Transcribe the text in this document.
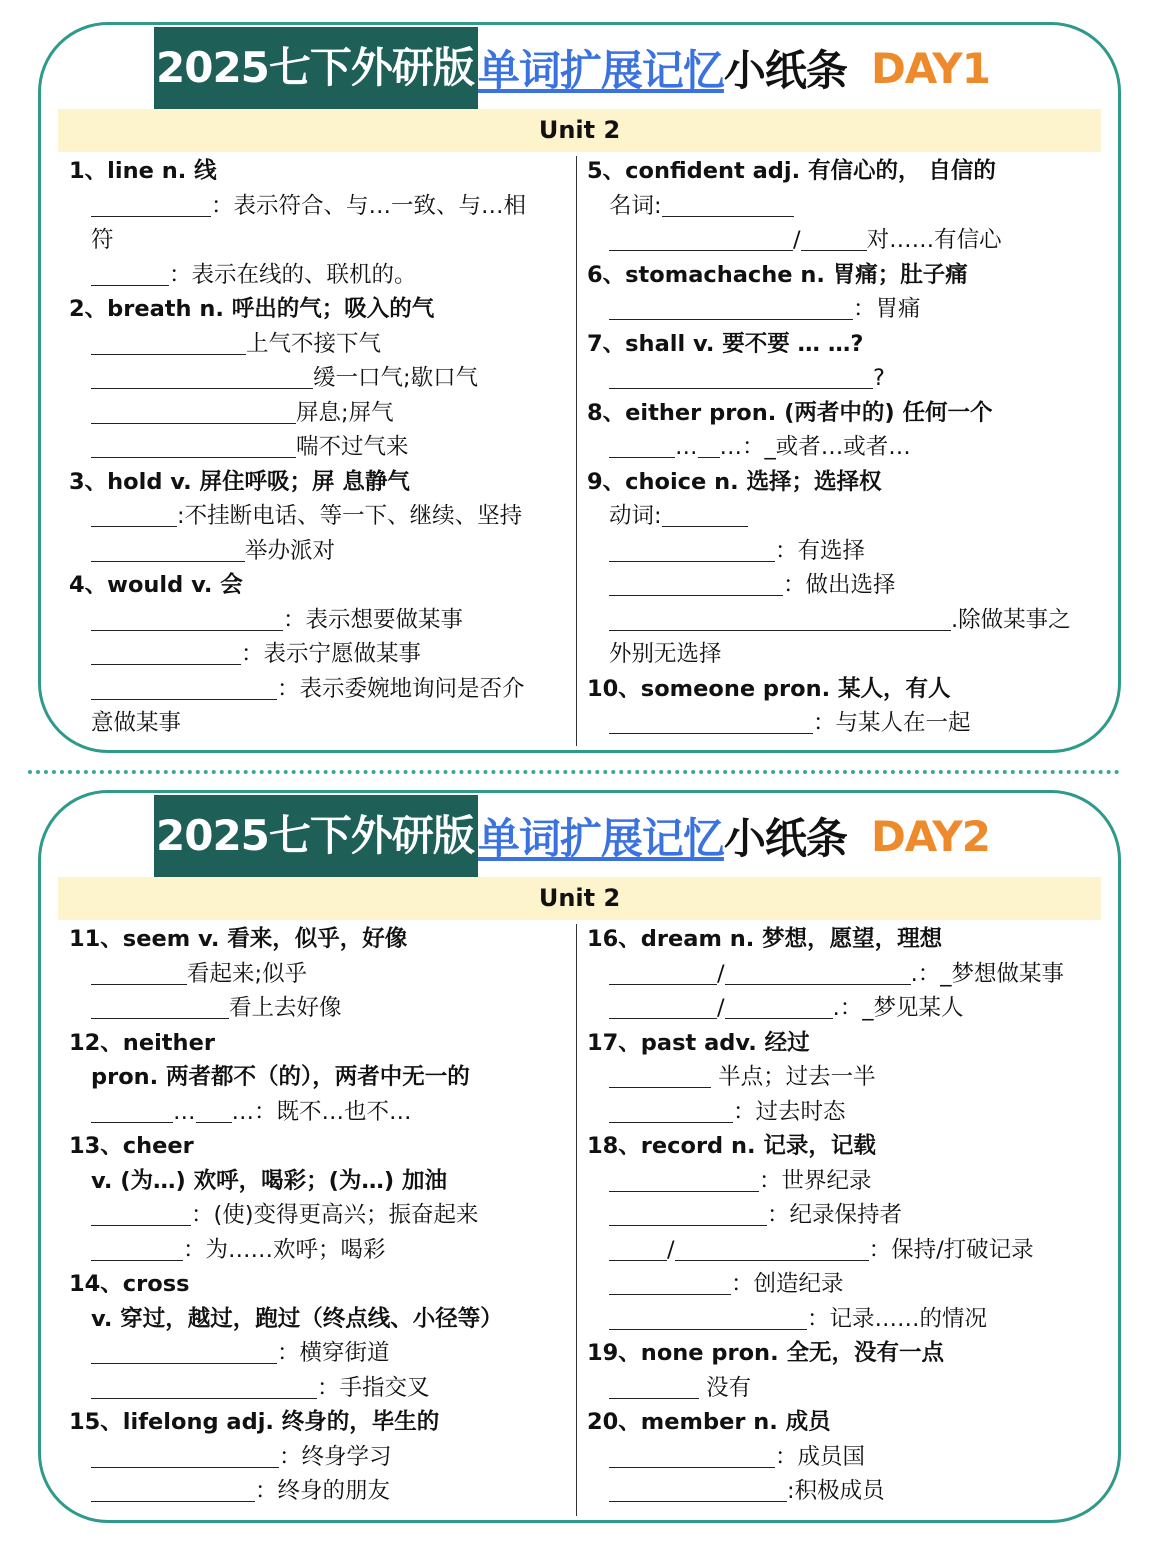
2025七下外研版 单词扩展记忆 小纸条 DAY1
Unit 2
1、line n. 线
：表示符合、与…一致、与…相
符
：表示在线的、联机的。
2、breath n. 呼出的气；吸入的气
上气不接下气
缓一口气;歇口气
屏息;屏气
喘不过气来
3、hold v. 屏住呼吸；屏 息静气
:不挂断电话、等一下、继续、坚持
举办派对
4、would v. 会
：表示想要做某事
：表示宁愿做某事
：表示委婉地询问是否介
意做某事
5、confident adj. 有信心的， 自信的
名词:
/	对……有信心
6、stomachache n. 胃痛；肚子痛
：胃痛
7、shall v. 要不要 … …?
?
8、either pron. (两者中的) 任何一个
… …：_或者…或者…
9、choice n. 选择；选择权
动词:
：有选择
：做出选择
.除做某事之
外别无选择
10、someone pron. 某人，有人
：与某人在一起
2025七下外研版 单词扩展记忆 小纸条 DAY2
Unit 2
11、seem v. 看来，似乎，好像
看起来;似乎
看上去好像
12、neither
pron. 两者都不（的），两者中无一的
… …：既不…也不…
13、cheer
v. (为…) 欢呼，喝彩；(为…) 加油
：(使)变得更高兴；振奋起来
：为……欢呼；喝彩
14、cross
v. 穿过，越过，跑过（终点线、小径等）
：横穿街道
：手指交叉
15、lifelong adj. 终身的，毕生的
：终身学习
：终身的朋友
16、dream n. 梦想，愿望，理想
/	.：_梦想做某事
/	.：_梦见某人
17、past adv. 经过
半点；过去一半
：过去时态
18、record n. 记录，记载
：世界纪录
：纪录保持者
/	：保持/打破记录
：创造纪录
：记录……的情况
19、none pron. 全无，没有一点
没有
20、member n. 成员
：成员国
:积极成员
